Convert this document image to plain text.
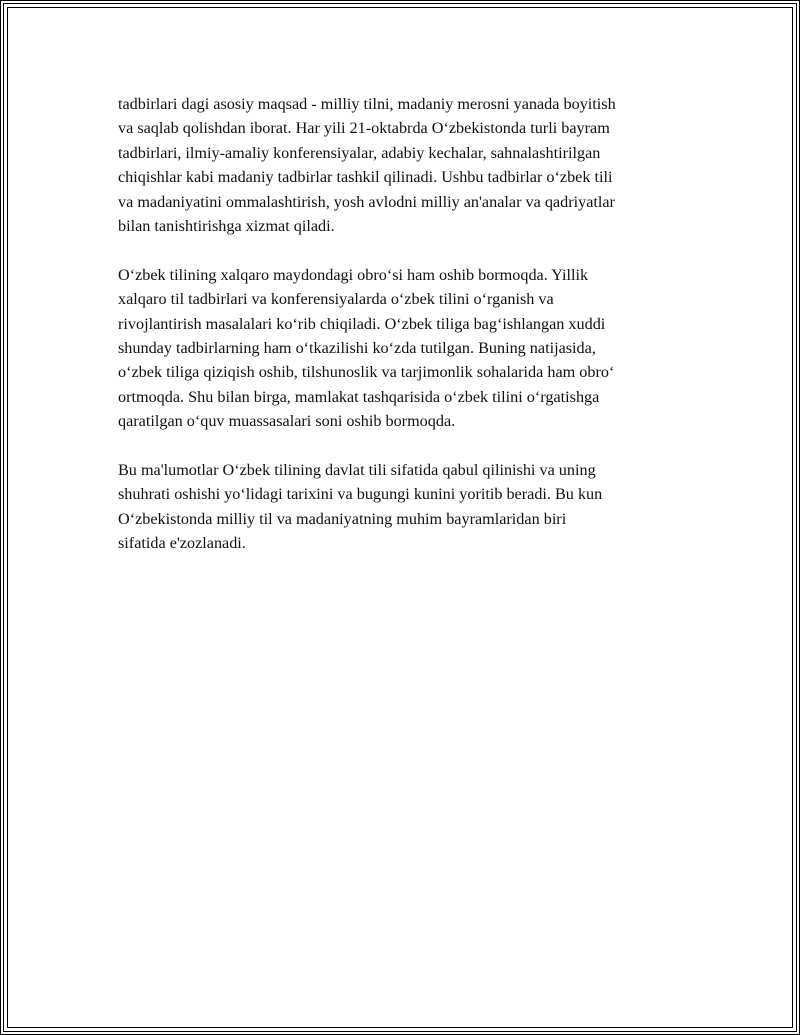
tadbirlari dagi asosiy maqsad - milliy tilni, madaniy merosni yanada boyitish
va saqlab qolishdan iborat. Har yili 21-oktabrda O‘zbekistonda turli bayram
tadbirlari, ilmiy-amaliy konferensiyalar, adabiy kechalar, sahnalashtirilgan
chiqishlar kabi madaniy tadbirlar tashkil qilinadi. Ushbu tadbirlar o‘zbek tili
va madaniyatini ommalashtirish, yosh avlodni milliy an'analar va qadriyatlar
bilan tanishtirishga xizmat qiladi.

O‘zbek tilining xalqaro maydondagi obro‘si ham oshib bormoqda. Yillik
xalqaro til tadbirlari va konferensiyalarda o‘zbek tilini o‘rganish va
rivojlantirish masalalari ko‘rib chiqiladi. O‘zbek tiliga bag‘ishlangan xuddi
shunday tadbirlarning ham o‘tkazilishi ko‘zda tutilgan. Buning natijasida,
o‘zbek tiliga qiziqish oshib, tilshunoslik va tarjimonlik sohalarida ham obro‘
ortmoqda. Shu bilan birga, mamlakat tashqarisida o‘zbek tilini o‘rgatishga
qaratilgan o‘quv muassasalari soni oshib bormoqda.

Bu ma'lumotlar O‘zbek tilining davlat tili sifatida qabul qilinishi va uning
shuhrati oshishi yo‘lidagi tarixini va bugungi kunini yoritib beradi. Bu kun
O‘zbekistonda milliy til va madaniyatning muhim bayramlaridan biri
sifatida e'zozlanadi.
